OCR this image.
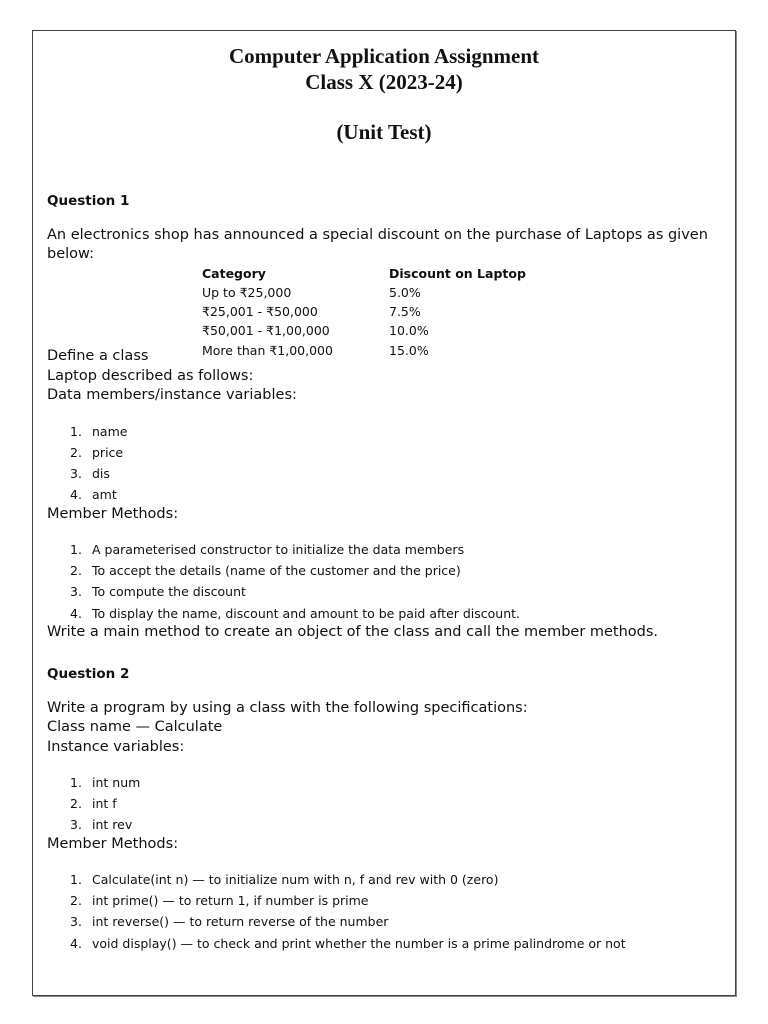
Computer Application Assignment
Class X (2023-24)
(Unit Test)
Question 1
An electronics shop has announced a special discount on the purchase of Laptops as given
below:
Category	Discount on Laptop
Up to ₹25,000	5.0%
₹25,001 - ₹50,000	7.5%
₹50,001 - ₹1,00,000	10.0%
More than ₹1,00,000	15.0%
Define a class
Laptop described as follows:
Data members/instance variables:
1. name
2. price
3. dis
4. amt
Member Methods:
1. A parameterised constructor to initialize the data members
2. To accept the details (name of the customer and the price)
3. To compute the discount
4. To display the name, discount and amount to be paid after discount.
Write a main method to create an object of the class and call the member methods.
Question 2
Write a program by using a class with the following specifications:
Class name — Calculate
Instance variables:
1. int num
2. int f
3. int rev
Member Methods:
1. Calculate(int n) — to initialize num with n, f and rev with 0 (zero)
2. int prime() — to return 1, if number is prime
3. int reverse() — to return reverse of the number
4. void display() — to check and print whether the number is a prime palindrome or not
